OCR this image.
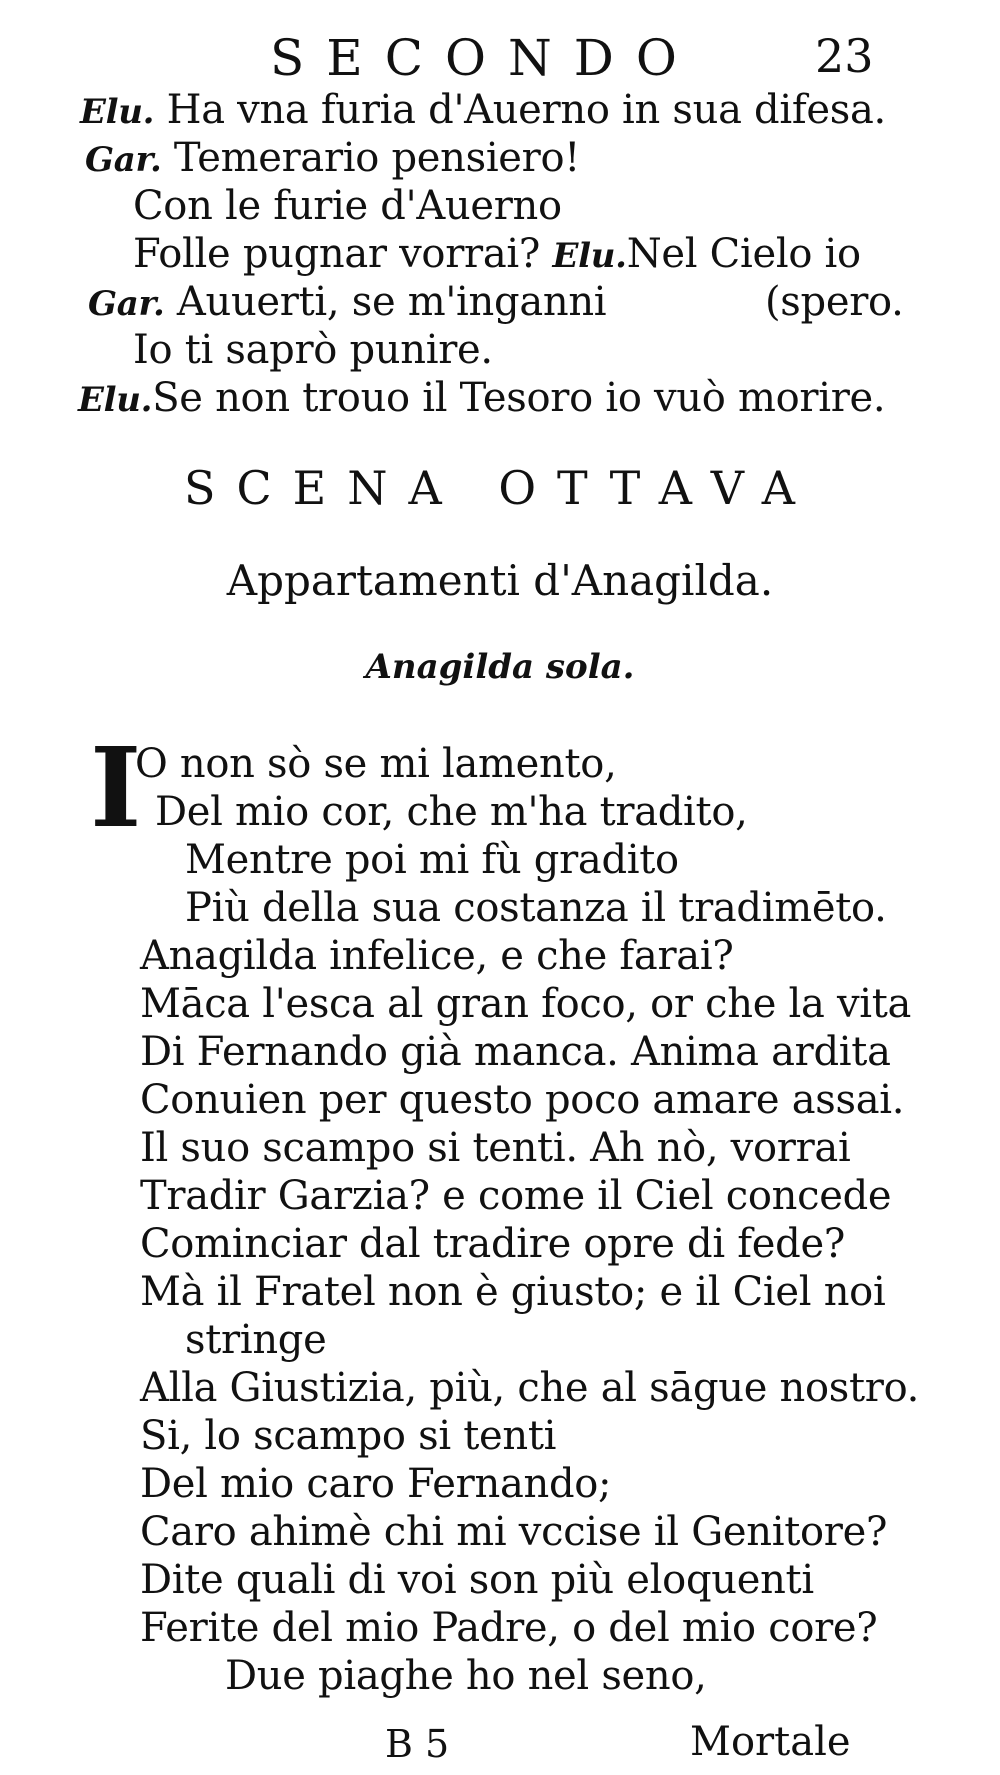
SECONDO	23
Elu. Ha vna furia d'Auerno in sua difesa.
Gar. Temerario pensiero!
Con le furie d'Auerno
Folle pugnar vorrai? Elu.Nel Cielo io
Gar. Auuerti, se m'inganni	(spero.
Io ti saprò punire.
Elu.Se non trouo il Tesoro io vuò morire.
SCENA OTTAVA
Appartamenti d'Anagilda.
Anagilda sola.
I
O non sò se mi lamento,
Del mio cor, che m'ha tradito,
Mentre poi mi fù gradito
Più della sua costanza il tradimēto.
Anagilda infelice, e che farai?
Māca l'esca al gran foco, or che la vita
Di Fernando già manca. Anima ardita
Conuien per questo poco amare assai.
Il suo scampo si tenti. Ah nò, vorrai
Tradir Garzia? e come il Ciel concede
Cominciar dal tradire opre di fede?
Mà il Fratel non è giusto; e il Ciel noi
stringe
Alla Giustizia, più, che al sāgue nostro.
Si, lo scampo si tenti
Del mio caro Fernando;
Caro ahimè chi mi vccise il Genitore?
Dite quali di voi son più eloquenti
Ferite del mio Padre, o del mio core?
Due piaghe ho nel seno,
B 5	Mortale
